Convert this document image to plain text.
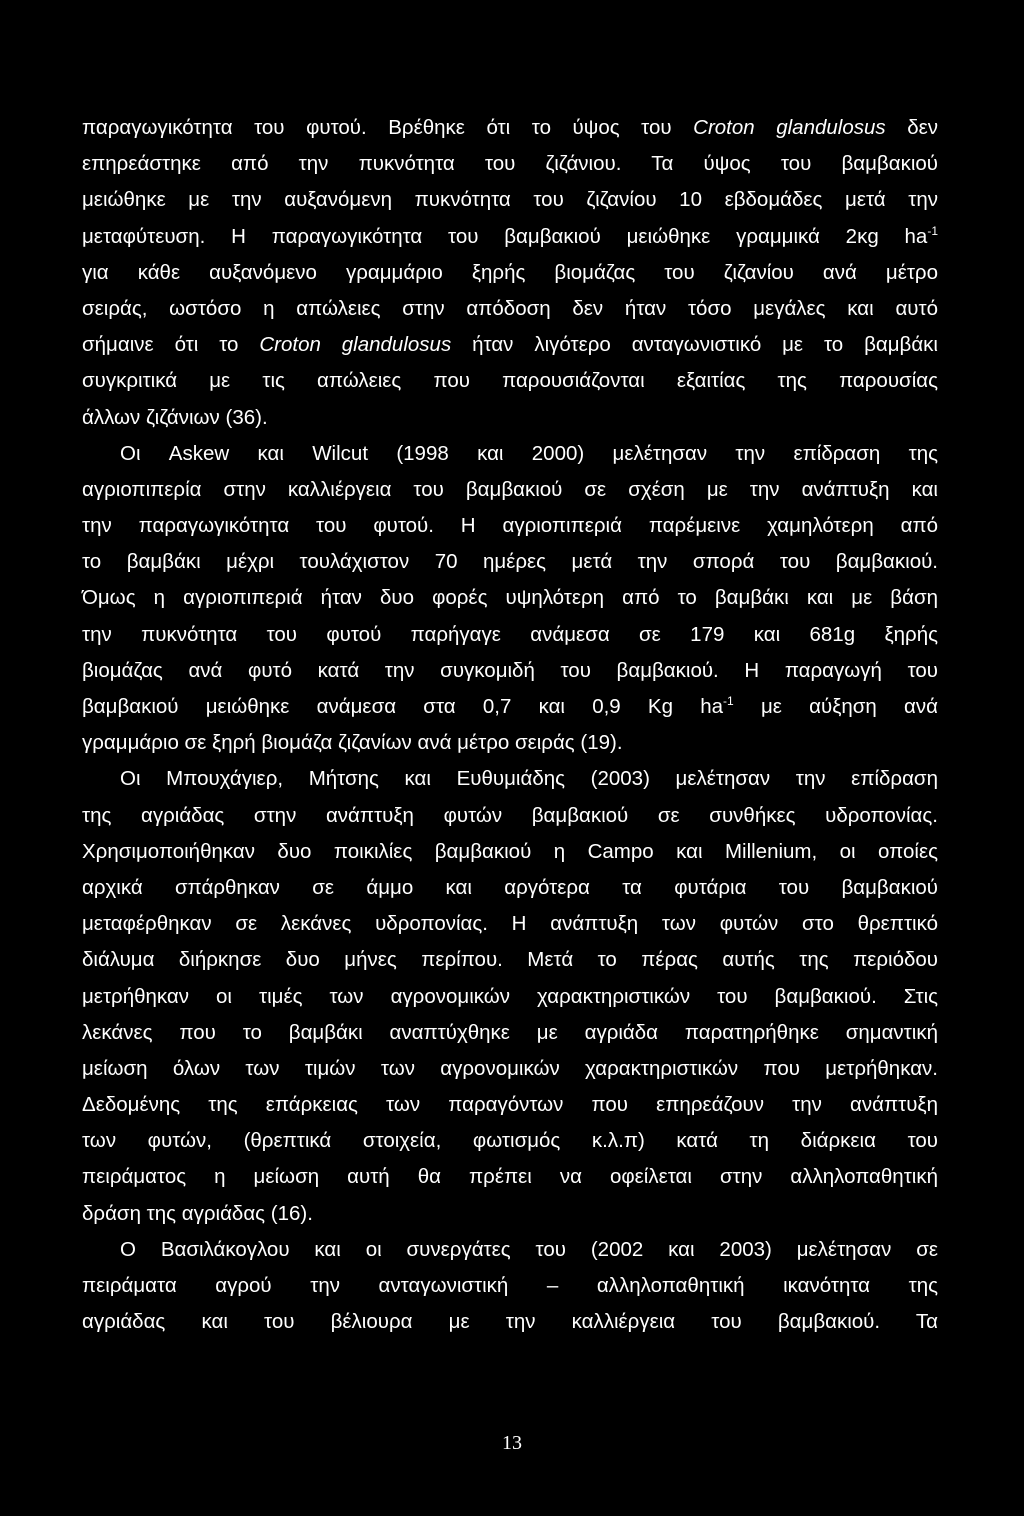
παραγωγικότητα του φυτού. Βρέθηκε ότι το ύψος του Croton glandulosus δεν
επηρεάστηκε από την πυκνότητα του ζιζάνιου. Τα ύψος του βαμβακιού
μειώθηκε με την αυξανόμενη πυκνότητα του ζιζανίου 10 εβδομάδες μετά την
μεταφύτευση. Η παραγωγικότητα του βαμβακιού μειώθηκε γραμμικά 2κg $ha^{-1}$
για κάθε αυξανόμενο γραμμάριο ξηρής βιομάζας του ζιζανίου ανά μέτρο
σειράς, ωστόσο η απώλειες στην απόδοση δεν ήταν τόσο μεγάλες και αυτό
σήμαινε ότι το Croton glandulosus ήταν λιγότερο ανταγωνιστικό με το βαμβάκι
συγκριτικά με τις απώλειες που παρουσιάζονται εξαιτίας της παρουσίας
άλλων ζιζάνιων (36).
Οι Askew και Wilcut (1998 και 2000) μελέτησαν την επίδραση της
αγριοπιπερία στην καλλιέργεια του βαμβακιού σε σχέση με την ανάπτυξη και
την παραγωγικότητα του φυτού. Η αγριοπιπεριά παρέμεινε χαμηλότερη από
το βαμβάκι μέχρι τουλάχιστον 70 ημέρες μετά την σπορά του βαμβακιού.
Όμως η αγριοπιπεριά ήταν δυο φορές υψηλότερη από το βαμβάκι και με βάση
την πυκνότητα του φυτού παρήγαγε ανάμεσα σε 179 και 681g ξηρής
βιομάζας ανά φυτό κατά την συγκομιδή του βαμβακιού. Η παραγωγή του
βαμβακιού μειώθηκε ανάμεσα στα 0,7 και 0,9 Kg $ha^{-1}$ με αύξηση ανά
γραμμάριο σε ξηρή βιομάζα ζιζανίων ανά μέτρο σειράς (19).
Οι Μπουχάγιερ, Μήτσης και Ευθυμιάδης (2003) μελέτησαν την επίδραση
της αγριάδας στην ανάπτυξη φυτών βαμβακιού σε συνθήκες υδροπονίας.
Χρησιμοποιήθηκαν δυο ποικιλίες βαμβακιού η Campo και Millenium, οι οποίες
αρχικά σπάρθηκαν σε άμμο και αργότερα τα φυτάρια του βαμβακιού
μεταφέρθηκαν σε λεκάνες υδροπονίας. Η ανάπτυξη των φυτών στο θρεπτικό
διάλυμα διήρκησε δυο μήνες περίπου. Μετά το πέρας αυτής της περιόδου
μετρήθηκαν οι τιμές των αγρονομικών χαρακτηριστικών του βαμβακιού. Στις
λεκάνες που το βαμβάκι αναπτύχθηκε με αγριάδα παρατηρήθηκε σημαντική
μείωση όλων των τιμών των αγρονομικών χαρακτηριστικών που μετρήθηκαν.
Δεδομένης της επάρκειας των παραγόντων που επηρεάζουν την ανάπτυξη
των φυτών, (θρεπτικά στοιχεία, φωτισμός κ.λ.π) κατά τη διάρκεια του
πειράματος η μείωση αυτή θα πρέπει να οφείλεται στην αλληλοπαθητική
δράση της αγριάδας (16).
Ο Βασιλάκογλου και οι συνεργάτες του (2002 και 2003) μελέτησαν σε
πειράματα αγρού την ανταγωνιστική – αλληλοπαθητική ικανότητα της
αγριάδας και του βέλιουρα με την καλλιέργεια του βαμβακιού. Τα
13
